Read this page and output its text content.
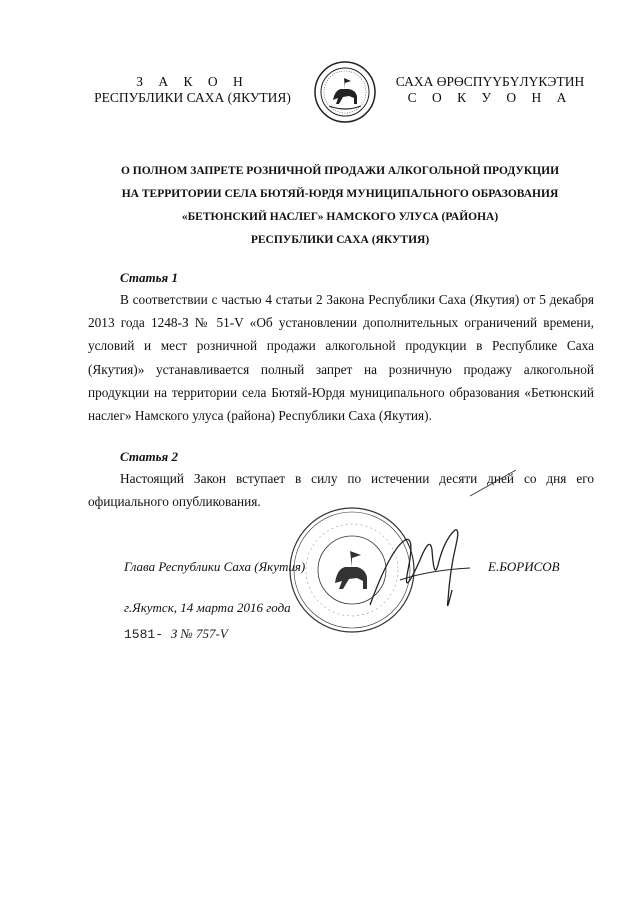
З А К О Н
РЕСПУБЛИКИ САХА (ЯКУТИЯ)
САХА ӨРӨСПҮҮБҮЛҮКЭТИН
С О К У О Н А
О ПОЛНОМ ЗАПРЕТЕ РОЗНИЧНОЙ ПРОДАЖИ АЛКОГОЛЬНОЙ ПРОДУКЦИИ
НА ТЕРРИТОРИИ СЕЛА БЮТЯЙ-ЮРДЯ МУНИЦИПАЛЬНОГО ОБРАЗОВАНИЯ
«БЕТЮНСКИЙ НАСЛЕГ» НАМСКОГО УЛУСА (РАЙОНА)
РЕСПУБЛИКИ САХА (ЯКУТИЯ)
Статья 1
В соответствии с частью 4 статьи 2 Закона Республики Саха (Якутия) от 5 декабря 2013 года 1248-З № 51-V «Об установлении дополнительных ограничений времени, условий и мест розничной продажи алкогольной продукции в Республике Саха (Якутия)» устанавливается полный запрет на розничную продажу алкогольной продукции на территории села Бютяй-Юрдя муниципального образования «Бетюнский наслег» Намского улуса (района) Республики Саха (Якутия).
Статья 2
Настоящий Закон вступает в силу по истечении десяти дней со дня его официального опубликования.
Глава Республики Саха (Якутия)	Е.БОРИСОВ
г.Якутск, 14 марта 2016 года
1581- З № 757-V
